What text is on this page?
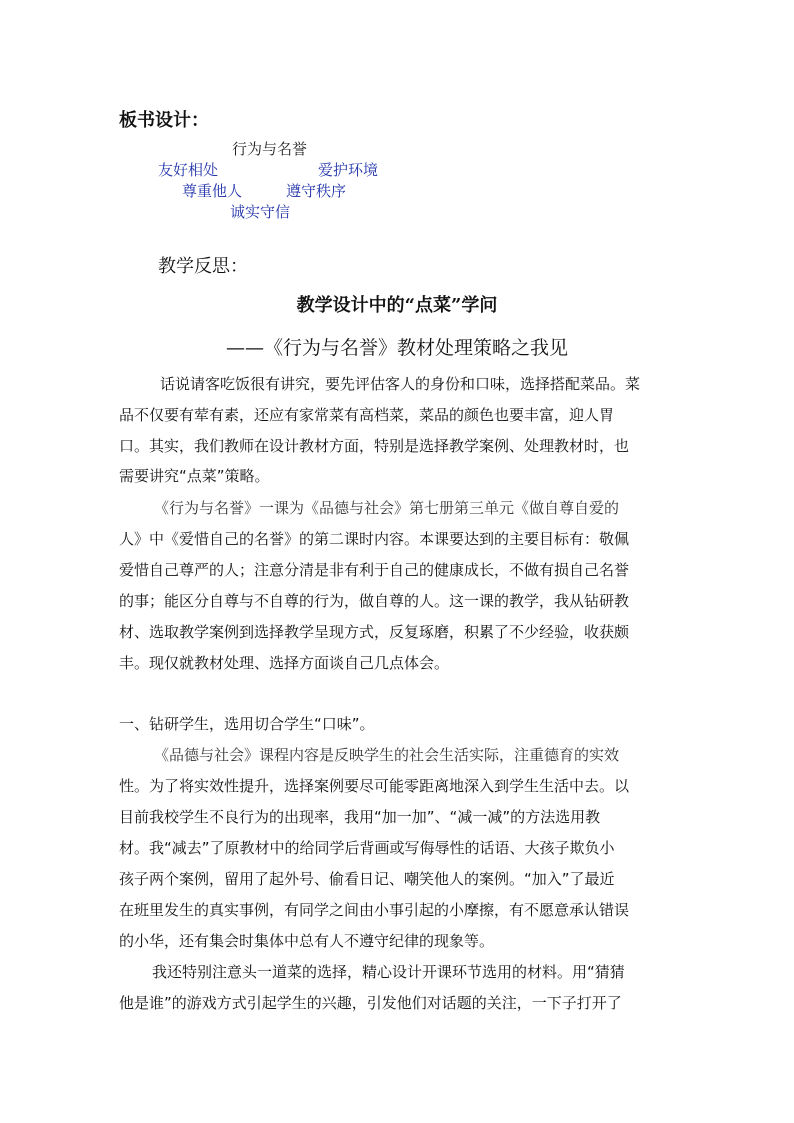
板书设计：
行为与名誉
友好相处	爱护环境
尊重他人	遵守秩序
诚实守信
教学反思：
教学设计中的“点菜”学问
——《行为与名誉》教材处理策略之我见
话说请客吃饭很有讲究，要先评估客人的身份和口味，选择搭配菜品。菜
品不仅要有荤有素，还应有家常菜有高档菜，菜品的颜色也要丰富，迎人胃
口。其实，我们教师在设计教材方面，特别是选择教学案例、处理教材时，也
需要讲究“点菜”策略。
《行为与名誉》一课为《品德与社会》第七册第三单元《做自尊自爱的
人》中《爱惜自己的名誉》的第二课时内容。本课要达到的主要目标有：敬佩
爱惜自己尊严的人；注意分清是非有利于自己的健康成长，不做有损自己名誉
的事；能区分自尊与不自尊的行为，做自尊的人。这一课的教学，我从钻研教
材、选取教学案例到选择教学呈现方式，反复琢磨，积累了不少经验，收获颇
丰。现仅就教材处理、选择方面谈自己几点体会。
一、钻研学生，选用切合学生“口味”。
《品德与社会》课程内容是反映学生的社会生活实际，注重德育的实效
性。为了将实效性提升，选择案例要尽可能零距离地深入到学生生活中去。以
目前我校学生不良行为的出现率，我用“加一加”、“减一减”的方法选用教
材。我“减去”了原教材中的给同学后背画或写侮辱性的话语、大孩子欺负小
孩子两个案例，留用了起外号、偷看日记、嘲笑他人的案例。“加入”了最近
在班里发生的真实事例，有同学之间由小事引起的小摩擦，有不愿意承认错误
的小华，还有集会时集体中总有人不遵守纪律的现象等。
我还特别注意头一道菜的选择，精心设计开课环节选用的材料。用“猜猜
他是谁”的游戏方式引起学生的兴趣，引发他们对话题的关注，一下子打开了
